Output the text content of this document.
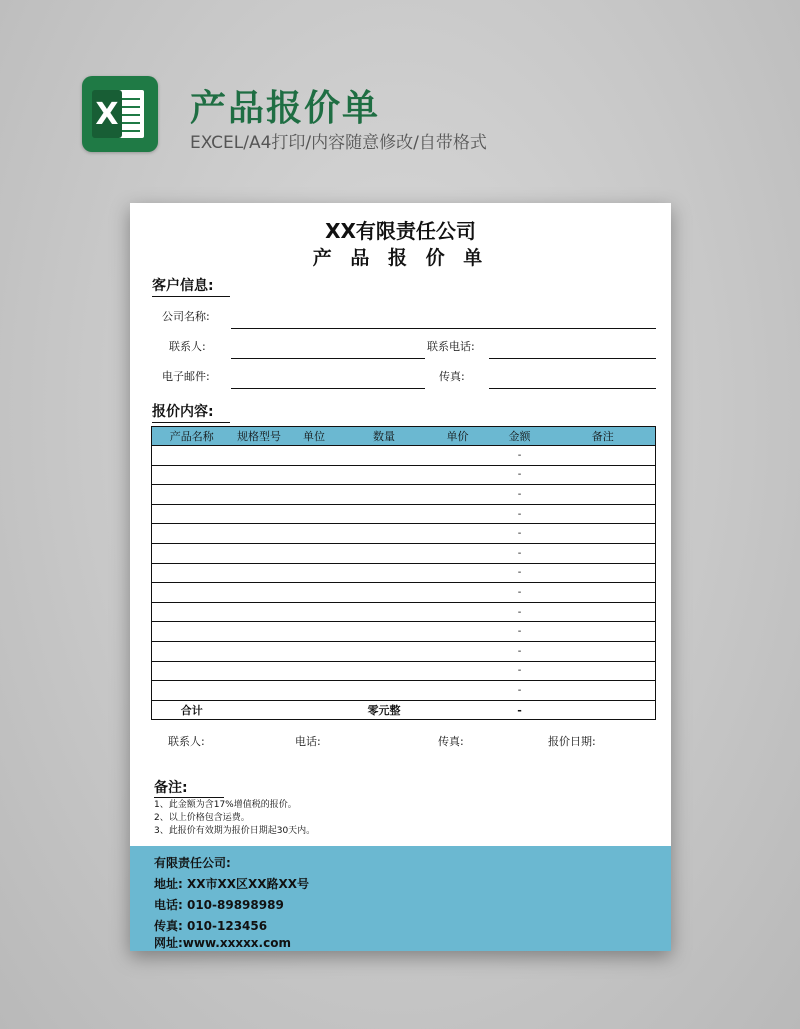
X 产品报价单
EXCEL/A4打印/内容随意修改/自带格式
XX有限责任公司
产 品 报 价 单
客户信息:
公司名称:
联系人:	联系电话:
电子邮件:	传真:
报价内容:
产品名称	规格型号	单位	数量	单价	金额	备注
					-	
					-	
					-	
					-	
					-	
					-	
					-	
					-	
					-	
					-	
					-	
					-	
					-	
合计			零元整		-	
联系人:	电话:	传真:	报价日期:
备注:
1、此金额为含17%增值税的报价。
2、以上价格包含运费。
3、此报价有效期为报价日期起30天内。
有限责任公司:
地址: XX市XX区XX路XX号
电话: 010-89898989
传真: 010-123456
网址:www.xxxxx.com
